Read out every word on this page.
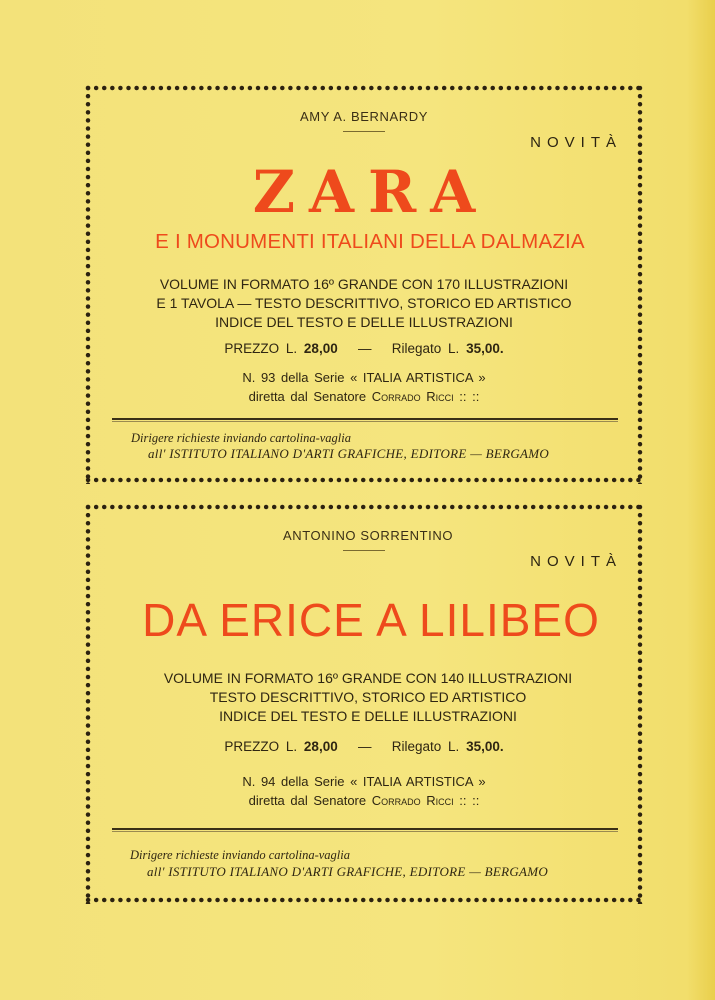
AMY A. BERNARDY
NOVITÀ
ZARA
E I MONUMENTI ITALIANI DELLA DALMAZIA
VOLUME IN FORMATO 16º GRANDE CON 170 ILLUSTRAZIONI
E 1 TAVOLA — TESTO DESCRITTIVO, STORICO ED ARTISTICO
INDICE DEL TESTO E DELLE ILLUSTRAZIONI
PREZZO L. 28,00 — Rilegato L. 35,00.
N. 93 della Serie « ITALIA ARTISTICA »
diretta dal Senatore Corrado Ricci :: ::
Dirigere richieste inviando cartolina-vaglia
all' ISTITUTO ITALIANO D'ARTI GRAFICHE, EDITORE — BERGAMO
ANTONINO SORRENTINO
NOVITÀ
DA ERICE A LILIBEO
VOLUME IN FORMATO 16º GRANDE CON 140 ILLUSTRAZIONI
TESTO DESCRITTIVO, STORICO ED ARTISTICO
INDICE DEL TESTO E DELLE ILLUSTRAZIONI
PREZZO L. 28,00 — Rilegato L. 35,00.
N. 94 della Serie « ITALIA ARTISTICA »
diretta dal Senatore Corrado Ricci :: ::
Dirigere richieste inviando cartolina-vaglia
all' ISTITUTO ITALIANO D'ARTI GRAFICHE, EDITORE — BERGAMO
